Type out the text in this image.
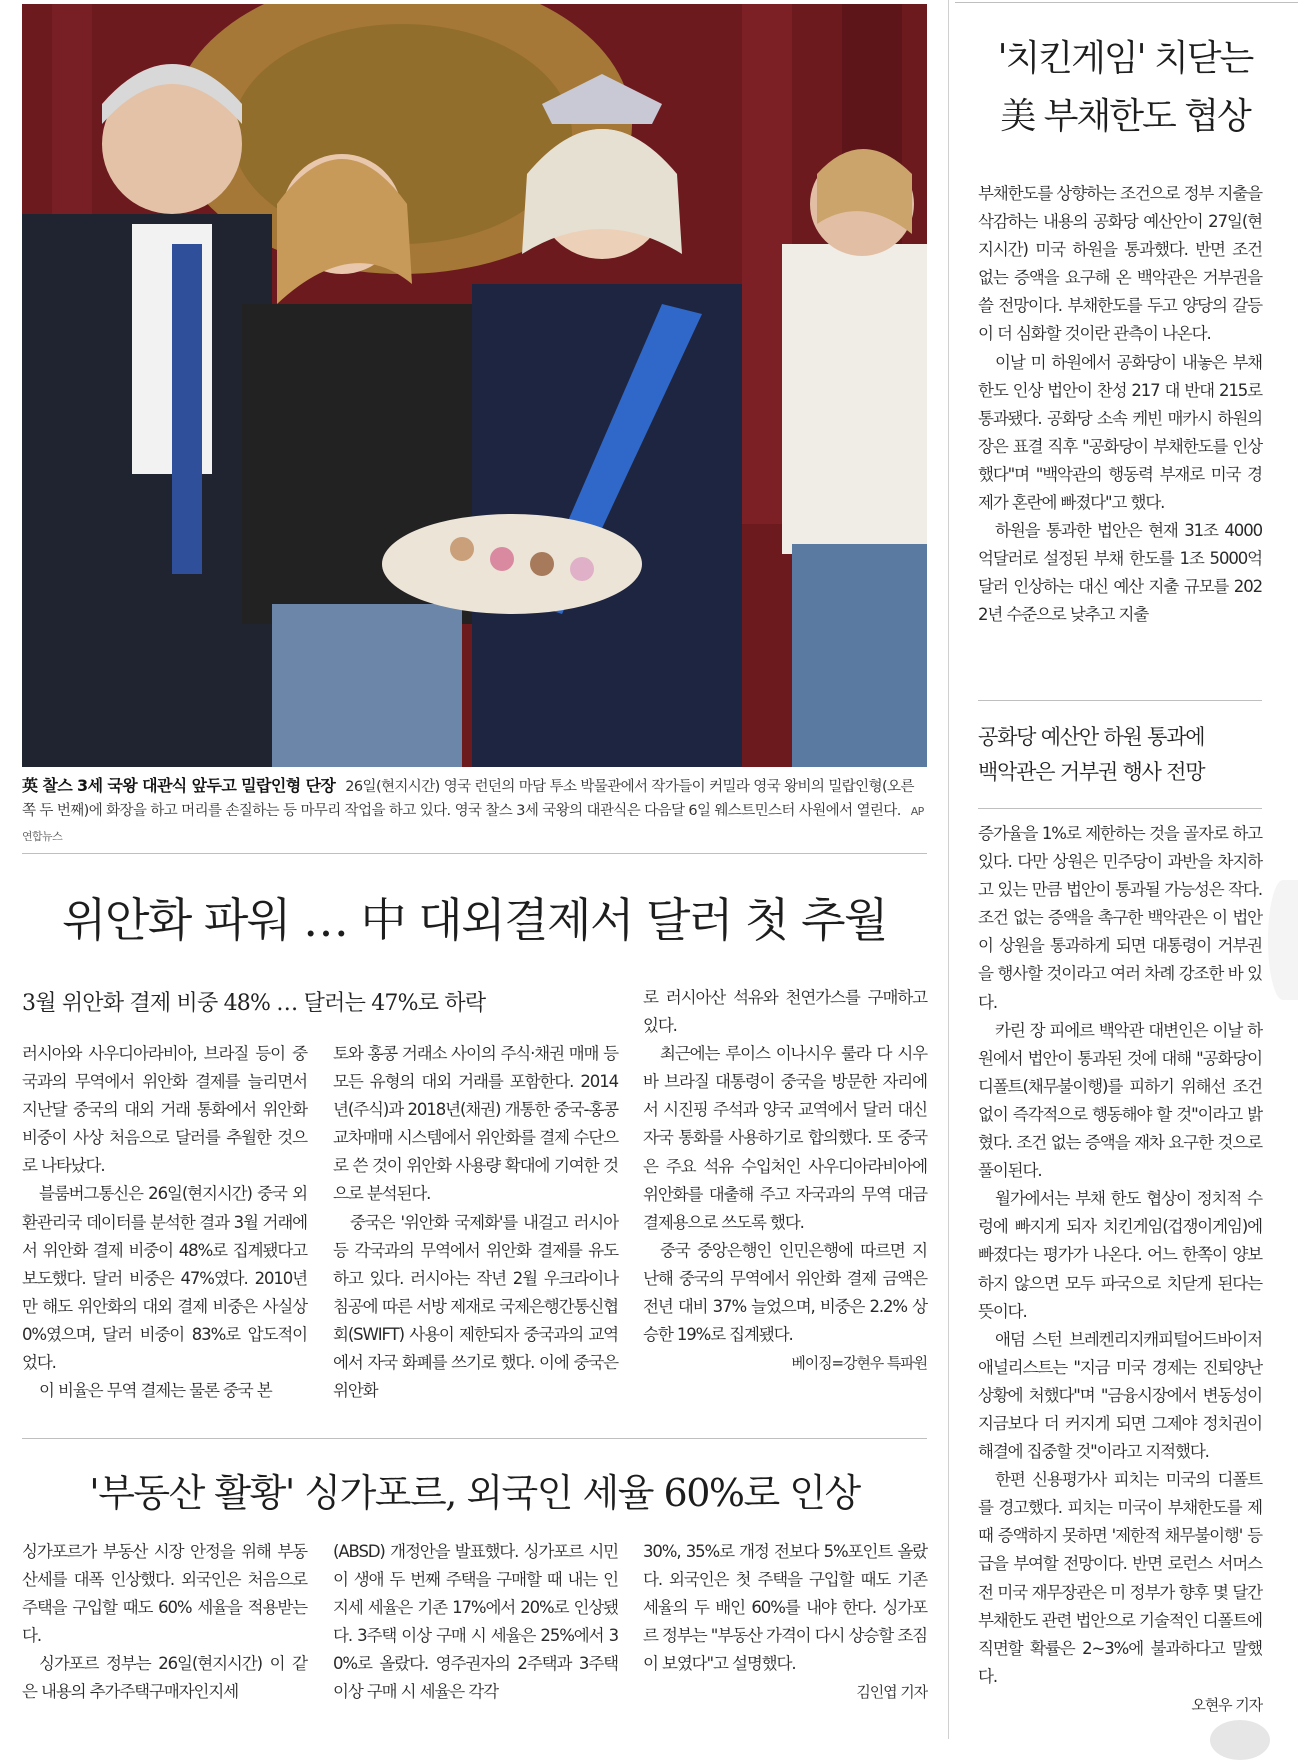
英 찰스 3세 국왕 대관식 앞두고 밀랍인형 단장 26일(현지시간) 영국 런던의 마담 투소 박물관에서 작가들이 커밀라 영국 왕비의 밀랍인형(오른쪽 두 번째)에 화장을 하고 머리를 손질하는 등 마무리 작업을 하고 있다. 영국 찰스 3세 국왕의 대관식은 다음달 6일 웨스트민스터 사원에서 열린다. AP연합뉴스
위안화 파워 … 中 대외결제서 달러 첫 추월
3월 위안화 결제 비중 48% … 달러는 47%로 하락

러시아와 사우디아라비아, 브라질 등이 중국과의 무역에서 위안화 결제를 늘리면서 지난달 중국의 대외 거래 통화에서 위안화 비중이 사상 처음으로 달러를 추월한 것으로 나타났다.

블룸버그통신은 26일(현지시간) 중국 외환관리국 데이터를 분석한 결과 3월 거래에서 위안화 결제 비중이 48%로 집계됐다고 보도했다. 달러 비중은 47%였다. 2010년만 해도 위안화의 대외 결제 비중은 사실상 0%였으며, 달러 비중이 83%로 압도적이었다.

이 비율은 무역 결제는 물론 중국 본

토와 홍콩 거래소 사이의 주식·채권 매매 등 모든 유형의 대외 거래를 포함한다. 2014년(주식)과 2018년(채권) 개통한 중국-홍콩 교차매매 시스템에서 위안화를 결제 수단으로 쓴 것이 위안화 사용량 확대에 기여한 것으로 분석된다.

중국은 '위안화 국제화'를 내걸고 러시아 등 각국과의 무역에서 위안화 결제를 유도하고 있다. 러시아는 작년 2월 우크라이나 침공에 따른 서방 제재로 국제은행간통신협회(SWIFT) 사용이 제한되자 중국과의 교역에서 자국 화폐를 쓰기로 했다. 이에 중국은 위안화

로 러시아산 석유와 천연가스를 구매하고 있다.

최근에는 루이스 이나시우 룰라 다 시우바 브라질 대통령이 중국을 방문한 자리에서 시진핑 주석과 양국 교역에서 달러 대신 자국 통화를 사용하기로 합의했다. 또 중국은 주요 석유 수입처인 사우디아라비아에 위안화를 대출해 주고 자국과의 무역 대금 결제용으로 쓰도록 했다.

중국 중앙은행인 인민은행에 따르면 지난해 중국의 무역에서 위안화 결제 금액은 전년 대비 37% 늘었으며, 비중은 2.2% 상승한 19%로 집계됐다.

베이징=강현우 특파원
'부동산 활황' 싱가포르, 외국인 세율 60%로 인상

싱가포르가 부동산 시장 안정을 위해 부동산세를 대폭 인상했다. 외국인은 처음으로 주택을 구입할 때도 60% 세율을 적용받는다.

싱가포르 정부는 26일(현지시간) 이 같은 내용의 추가주택구매자인지세

(ABSD) 개정안을 발표했다. 싱가포르 시민이 생애 두 번째 주택을 구매할 때 내는 인지세 세율은 기존 17%에서 20%로 인상됐다. 3주택 이상 구매 시 세율은 25%에서 30%로 올랐다. 영주권자의 2주택과 3주택 이상 구매 시 세율은 각각

30%, 35%로 개정 전보다 5%포인트 올랐다. 외국인은 첫 주택을 구입할 때도 기존 세율의 두 배인 60%를 내야 한다. 싱가포르 정부는 "부동산 가격이 다시 상승할 조짐이 보였다"고 설명했다.

김인엽 기자
'치킨게임' 치닫는
美 부채한도 협상

부채한도를 상향하는 조건으로 정부 지출을 삭감하는 내용의 공화당 예산안이 27일(현지시간) 미국 하원을 통과했다. 반면 조건 없는 증액을 요구해 온 백악관은 거부권을 쓸 전망이다. 부채한도를 두고 양당의 갈등이 더 심화할 것이란 관측이 나온다.

이날 미 하원에서 공화당이 내놓은 부채한도 인상 법안이 찬성 217 대 반대 215로 통과됐다. 공화당 소속 케빈 매카시 하원의장은 표결 직후 "공화당이 부채한도를 인상했다"며 "백악관의 행동력 부재로 미국 경제가 혼란에 빠졌다"고 했다.

하원을 통과한 법안은 현재 31조 4000억달러로 설정된 부채 한도를 1조 5000억달러 인상하는 대신 예산 지출 규모를 2022년 수준으로 낮추고 지출

공화당 예산안 하원 통과에
백악관은 거부권 행사 전망

증가율을 1%로 제한하는 것을 골자로 하고 있다. 다만 상원은 민주당이 과반을 차지하고 있는 만큼 법안이 통과될 가능성은 작다. 조건 없는 증액을 촉구한 백악관은 이 법안이 상원을 통과하게 되면 대통령이 거부권을 행사할 것이라고 여러 차례 강조한 바 있다.

카린 장 피에르 백악관 대변인은 이날 하원에서 법안이 통과된 것에 대해 "공화당이 디폴트(채무불이행)를 피하기 위해선 조건 없이 즉각적으로 행동해야 할 것"이라고 밝혔다. 조건 없는 증액을 재차 요구한 것으로 풀이된다.

월가에서는 부채 한도 협상이 정치적 수렁에 빠지게 되자 치킨게임(겁쟁이게임)에 빠졌다는 평가가 나온다. 어느 한쪽이 양보하지 않으면 모두 파국으로 치닫게 된다는 뜻이다.

애덤 스턴 브레켄리지캐피털어드바이저 애널리스트는 "지금 미국 경제는 진퇴양난 상황에 처했다"며 "금융시장에서 변동성이 지금보다 더 커지게 되면 그제야 정치권이 해결에 집중할 것"이라고 지적했다.

한편 신용평가사 피치는 미국의 디폴트를 경고했다. 피치는 미국이 부채한도를 제때 증액하지 못하면 '제한적 채무불이행' 등급을 부여할 전망이다. 반면 로런스 서머스 전 미국 재무장관은 미 정부가 향후 몇 달간 부채한도 관련 법안으로 기술적인 디폴트에 직면할 확률은 2~3%에 불과하다고 말했다.

오현우 기자
